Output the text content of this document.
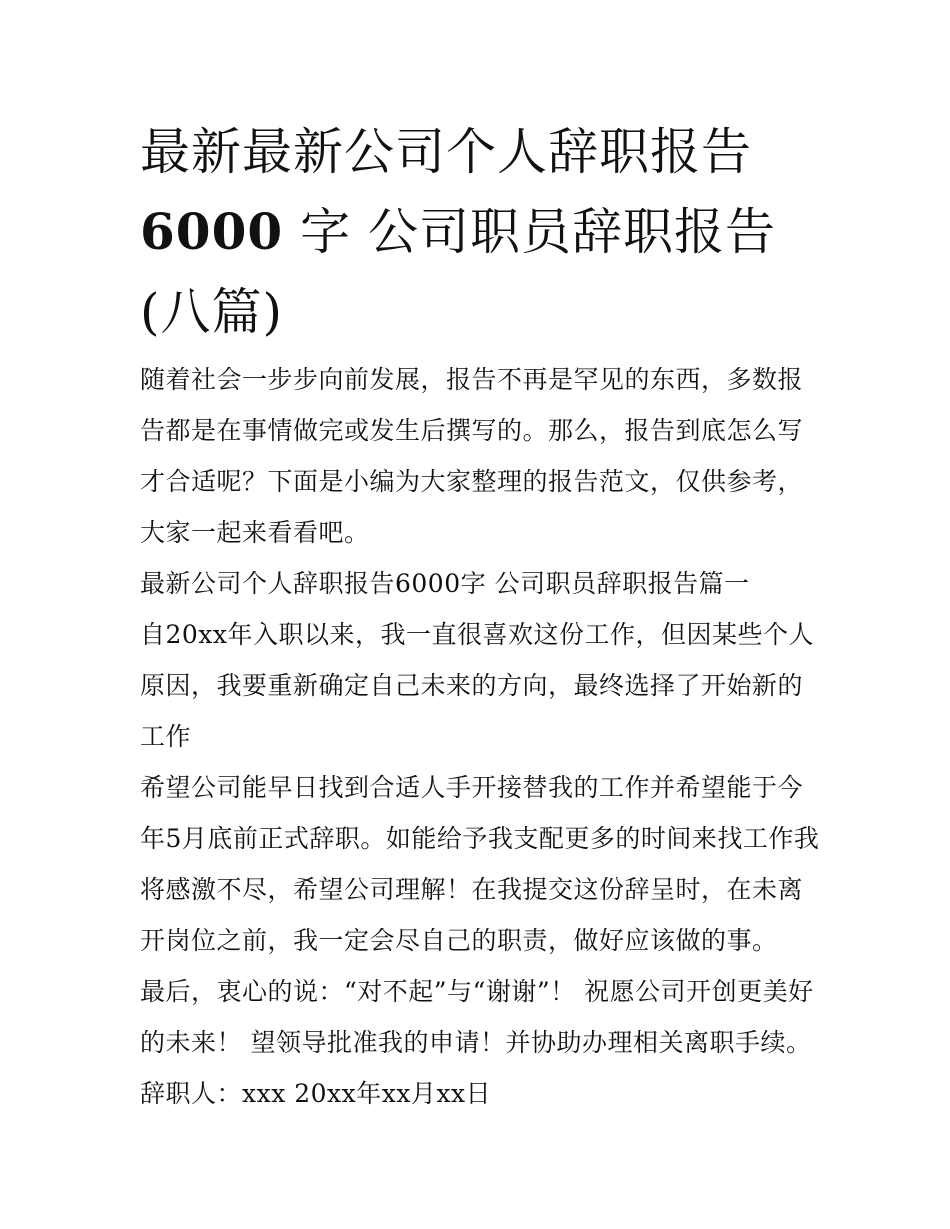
最新最新公司个人辞职报告
6000 字 公司职员辞职报告(八篇)

随着社会一步步向前发展，报告不再是罕见的东西，多数报告都是在事情做完或发生后撰写的。那么，报告到底怎么写才合适呢？下面是小编为大家整理的报告范文，仅供参考，大家一起来看看吧。

最新公司个人辞职报告6000字 公司职员辞职报告篇一

自20xx年入职以来，我一直很喜欢这份工作，但因某些个人原因，我要重新确定自己未来的方向，最终选择了开始新的工作

希望公司能早日找到合适人手开接替我的工作并希望能于今年5月底前正式辞职。如能给予我支配更多的时间来找工作我将感激不尽，希望公司理解！在我提交这份辞呈时，在未离开岗位之前，我一定会尽自己的职责，做好应该做的事。

最后，衷心的说：“对不起”与“谢谢”！ 祝愿公司开创更美好的未来！ 望领导批准我的申请！并协助办理相关离职手续。

辞职人：xxx 20xx年xx月xx日
